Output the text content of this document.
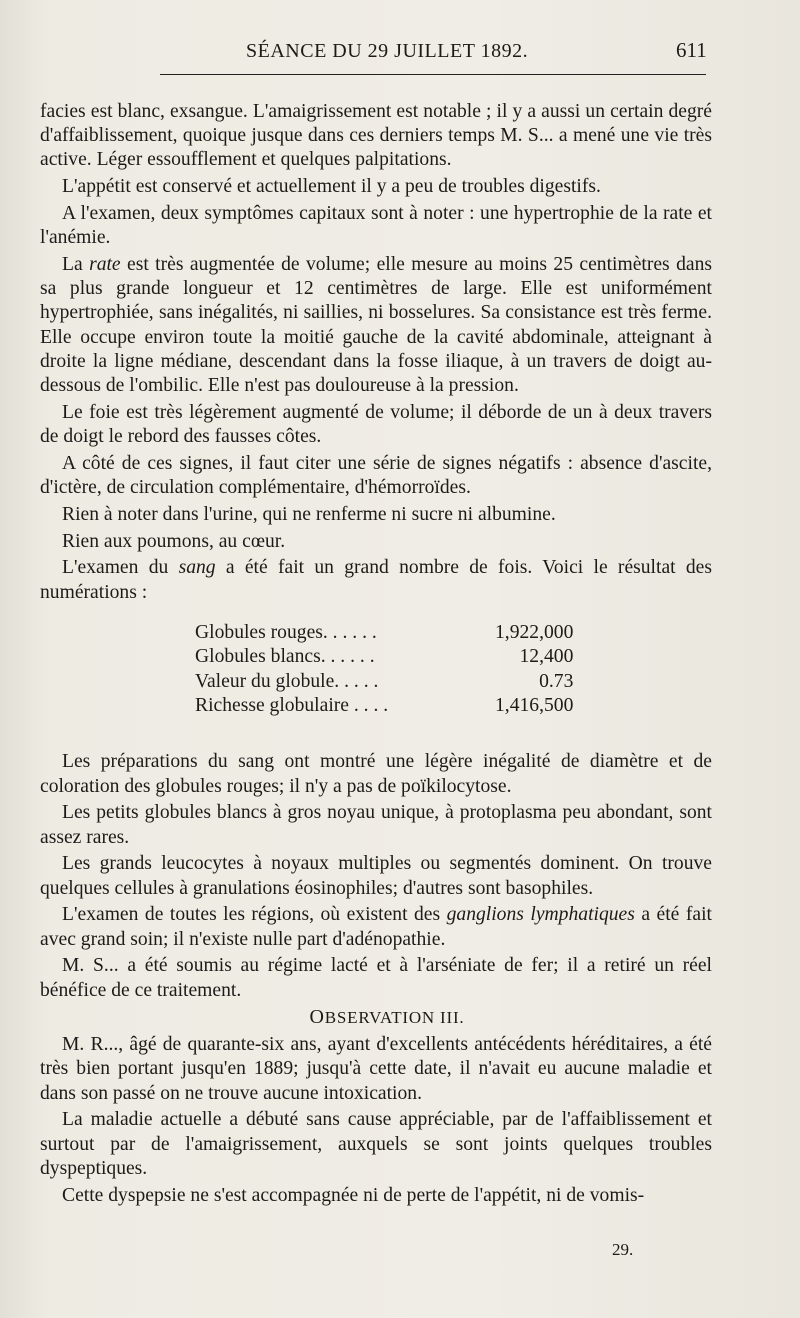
SÉANCE DU 29 JUILLET 1892.	611

facies est blanc, exsangue. L'amaigrissement est notable ; il y a aussi un certain degré d'affaiblissement, quoique jusque dans ces derniers temps M. S... a mené une vie très active. Léger essoufflement et quelques palpitations.

L'appétit est conservé et actuellement il y a peu de troubles digestifs.

A l'examen, deux symptômes capitaux sont à noter : une hypertrophie de la rate et l'anémie.

La rate est très augmentée de volume; elle mesure au moins 25 centimètres dans sa plus grande longueur et 12 centimètres de large. Elle est uniformément hypertrophiée, sans inégalités, ni saillies, ni bosselures. Sa consistance est très ferme. Elle occupe environ toute la moitié gauche de la cavité abdominale, atteignant à droite la ligne médiane, descendant dans la fosse iliaque, à un travers de doigt au-dessous de l'ombilic. Elle n'est pas douloureuse à la pression.

Le foie est très légèrement augmenté de volume; il déborde de un à deux travers de doigt le rebord des fausses côtes.

A côté de ces signes, il faut citer une série de signes négatifs : absence d'ascite, d'ictère, de circulation complémentaire, d'hémorroïdes.

Rien à noter dans l'urine, qui ne renferme ni sucre ni albumine.

Rien aux poumons, au cœur.

L'examen du sang a été fait un grand nombre de fois. Voici le résultat des numérations :

Globules rouges. . . . . .	1,922,000
Globules blancs. . . . . .	12,400
Valeur du globule. . . . .	0.73
Richesse globulaire . . . .	1,416,500

Les préparations du sang ont montré une légère inégalité de diamètre et de coloration des globules rouges; il n'y a pas de poïkilocytose.

Les petits globules blancs à gros noyau unique, à protoplasma peu abondant, sont assez rares.

Les grands leucocytes à noyaux multiples ou segmentés dominent. On trouve quelques cellules à granulations éosinophiles; d'autres sont basophiles.

L'examen de toutes les régions, où existent des ganglions lymphatiques a été fait avec grand soin; il n'existe nulle part d'adénopathie.

M. S... a été soumis au régime lacté et à l'arséniate de fer; il a retiré un réel bénéfice de ce traitement.

OBSERVATION III.

M. R..., âgé de quarante-six ans, ayant d'excellents antécédents héréditaires, a été très bien portant jusqu'en 1889; jusqu'à cette date, il n'avait eu aucune maladie et dans son passé on ne trouve aucune intoxication.

La maladie actuelle a débuté sans cause appréciable, par de l'affaiblissement et surtout par de l'amaigrissement, auxquels se sont joints quelques troubles dyspeptiques.

Cette dyspepsie ne s'est accompagnée ni de perte de l'appétit, ni de vomis-

29.
